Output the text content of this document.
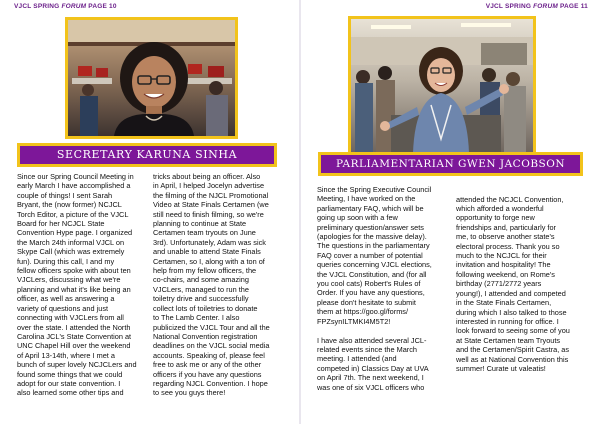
VJCL SPRING FORUM PAGE 10
SECRETARY KARUNA SINHA
Since our Spring Council Meeting in
early March I have accomplished a
couple of things! I sent Sarah
Bryant, the (now former) NCJCL
Torch Editor, a picture of the VJCL
Board for her NCJCL State
Convention Hype page. I organized
the March 24th informal VJCL on
Skype Call (which was extremely
fun). During this call, I and my
fellow officers spoke with about ten
VJCLers, discussing what we're
planning and what it's like being an
officer, as well as answering a
variety of questions and just
connecting with VJCLers from all
over the state. I attended the North
Carolina JCL's State Convention at
UNC Chapel Hill over the weekend
of April 13-14th, where I met a
bunch of super lovely NCJCLers and
found some things that we could
adopt for our state convention. I
also learned some other tips and
tricks about being an officer. Also
in April, I helped Jocelyn advertise
the filming of the NJCL Promotional
Video at State Finals Certamen (we
still need to finish filming, so we're
planning to continue at State
Certamen team tryouts on June
3rd). Unfortunately, Adam was sick
and unable to attend State Finals
Certamen, so I, along with a ton of
help from my fellow officers, the
co-chairs, and some amazing
VJCLers, managed to run the
toiletry drive and successfully
collect lots of toiletries to donate
to The Lamb Center. I also
publicized the VJCL Tour and all the
National Convention registration
deadlines on the VJCL social media
accounts. Speaking of, please feel
free to ask me or any of the other
officers if you have any questions
regarding NJCL Convention. I hope
to see you guys there!
VJCL SPRING FORUM PAGE 11
PARLIAMENTARIAN GWEN JACOBSON
Since the Spring Executive Council
Meeting, I have worked on the
parliamentary FAQ, which will be
going up soon with a few
preliminary question/answer sets
(apologies for the massive delay).
The questions in the parliamentary
FAQ cover a number of potential
queries concerning VJCL elections,
the VJCL Constitution, and (for all
you cool cats) Robert's Rules of
Order. If you have any questions,
please don't hesitate to submit
them at https://goo.gl/forms/
FPZsynILTMKI4M5T2!

I have also attended several JCL-
related events since the March
meeting. I attended (and
competed in) Classics Day at UVA
on April 7th. The next weekend, I
was one of six VJCL officers who

attended the NCJCL Convention,
which afforded a wonderful
opportunity to forge new
friendships and, particularly for
me, to observe another state's
electoral process. Thank you so
much to the NCJCL for their
invitation and hospitality! The
following weekend, on Rome's
birthday (2771/2772 years
young!), I attended and competed
in the State Finals Certamen,
during which I also talked to those
interested in running for office. I
look forward to seeing some of you
at State Certamen team Tryouts
and the Certamen/Spirit Castra, as
well as at National Convention this
summer! Curate ut valeatis!
